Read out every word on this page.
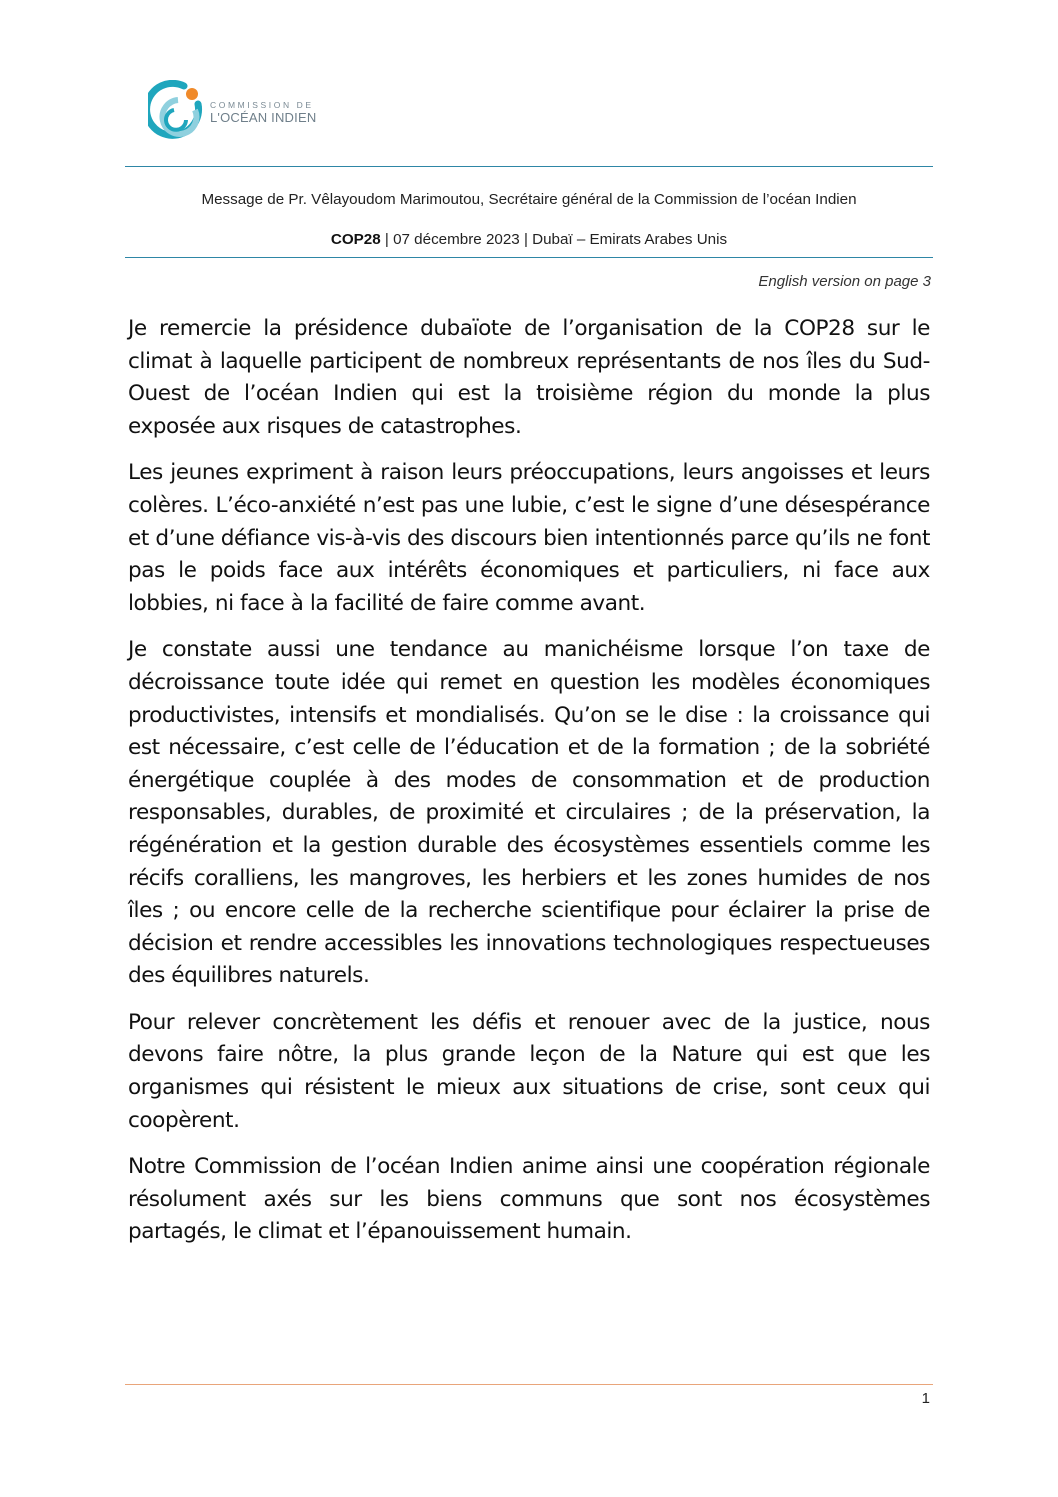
COMMISSION DE
L'OCÉAN INDIEN
Message de Pr. Vêlayoudom Marimoutou, Secrétaire général de la Commission de l’océan Indien
COP28 | 07 décembre 2023 | Dubaï – Emirats Arabes Unis
English version on page 3

Je remercie la présidence dubaïote de l’organisation de la COP28 sur le climat à laquelle participent de nombreux représentants de nos îles du Sud-Ouest de l’océan Indien qui est la troisième région du monde la plus exposée aux risques de catastrophes.

Les jeunes expriment à raison leurs préoccupations, leurs angoisses et leurs colères. L’éco-anxiété n’est pas une lubie, c’est le signe d’une désespérance et d’une défiance vis-à-vis des discours bien intentionnés parce qu’ils ne font pas le poids face aux intérêts économiques et particuliers, ni face aux lobbies, ni face à la facilité de faire comme avant.

Je constate aussi une tendance au manichéisme lorsque l’on taxe de décroissance toute idée qui remet en question les modèles économiques productivistes, intensifs et mondialisés. Qu’on se le dise : la croissance qui est nécessaire, c’est celle de l’éducation et de la formation ; de la sobriété énergétique couplée à des modes de consommation et de production responsables, durables, de proximité et circulaires ; de la préservation, la régénération et la gestion durable des écosystèmes essentiels comme les récifs coralliens, les mangroves, les herbiers et les zones humides de nos îles ; ou encore celle de la recherche scientifique pour éclairer la prise de décision et rendre accessibles les innovations technologiques respectueuses des équilibres naturels.

Pour relever concrètement les défis et renouer avec de la justice, nous devons faire nôtre, la plus grande leçon de la Nature qui est que les organismes qui résistent le mieux aux situations de crise, sont ceux qui coopèrent.

Notre Commission de l’océan Indien anime ainsi une coopération régionale résolument axés sur les biens communs que sont nos écosystèmes partagés, le climat et l’épanouissement humain.

1
